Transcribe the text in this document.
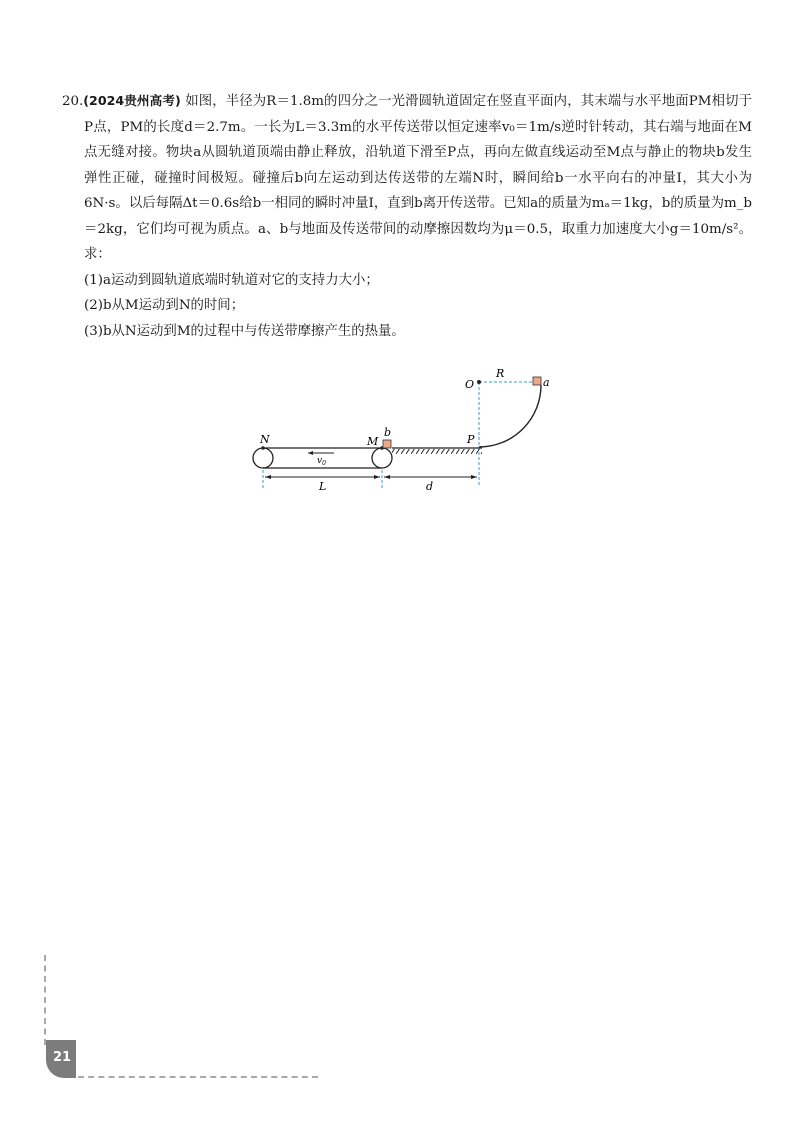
20.(2024贵州高考) 如图，半径为R＝1.8m的四分之一光滑圆轨道固定在竖直平面内，其末端与水平地面PM相切于P点，PM的长度d＝2.7m。一长为L＝3.3m的水平传送带以恒定速率v₀＝1m/s逆时针转动，其右端与地面在M点无缝对接。物块a从圆轨道顶端由静止释放，沿轨道下滑至P点，再向左做直线运动至M点与静止的物块b发生弹性正碰，碰撞时间极短。碰撞后b向左运动到达传送带的左端N时，瞬间给b一水平向右的冲量I，其大小为6N·s。以后每隔Δt＝0.6s给b一相同的瞬时冲量I，直到b离开传送带。已知a的质量为mₐ＝1kg，b的质量为m_b＝2kg，它们均可视为质点。a、b与地面及传送带间的动摩擦因数均为μ＝0.5，取重力加速度大小g＝10m/s²。求：

(1)a运动到圆轨道底端时轨道对它的支持力大小；

(2)b从M运动到N的时间；

(3)b从N运动到M的过程中与传送带摩擦产生的热量。

O
R
a
b
N	M	P
$v_0$
L	d
21
